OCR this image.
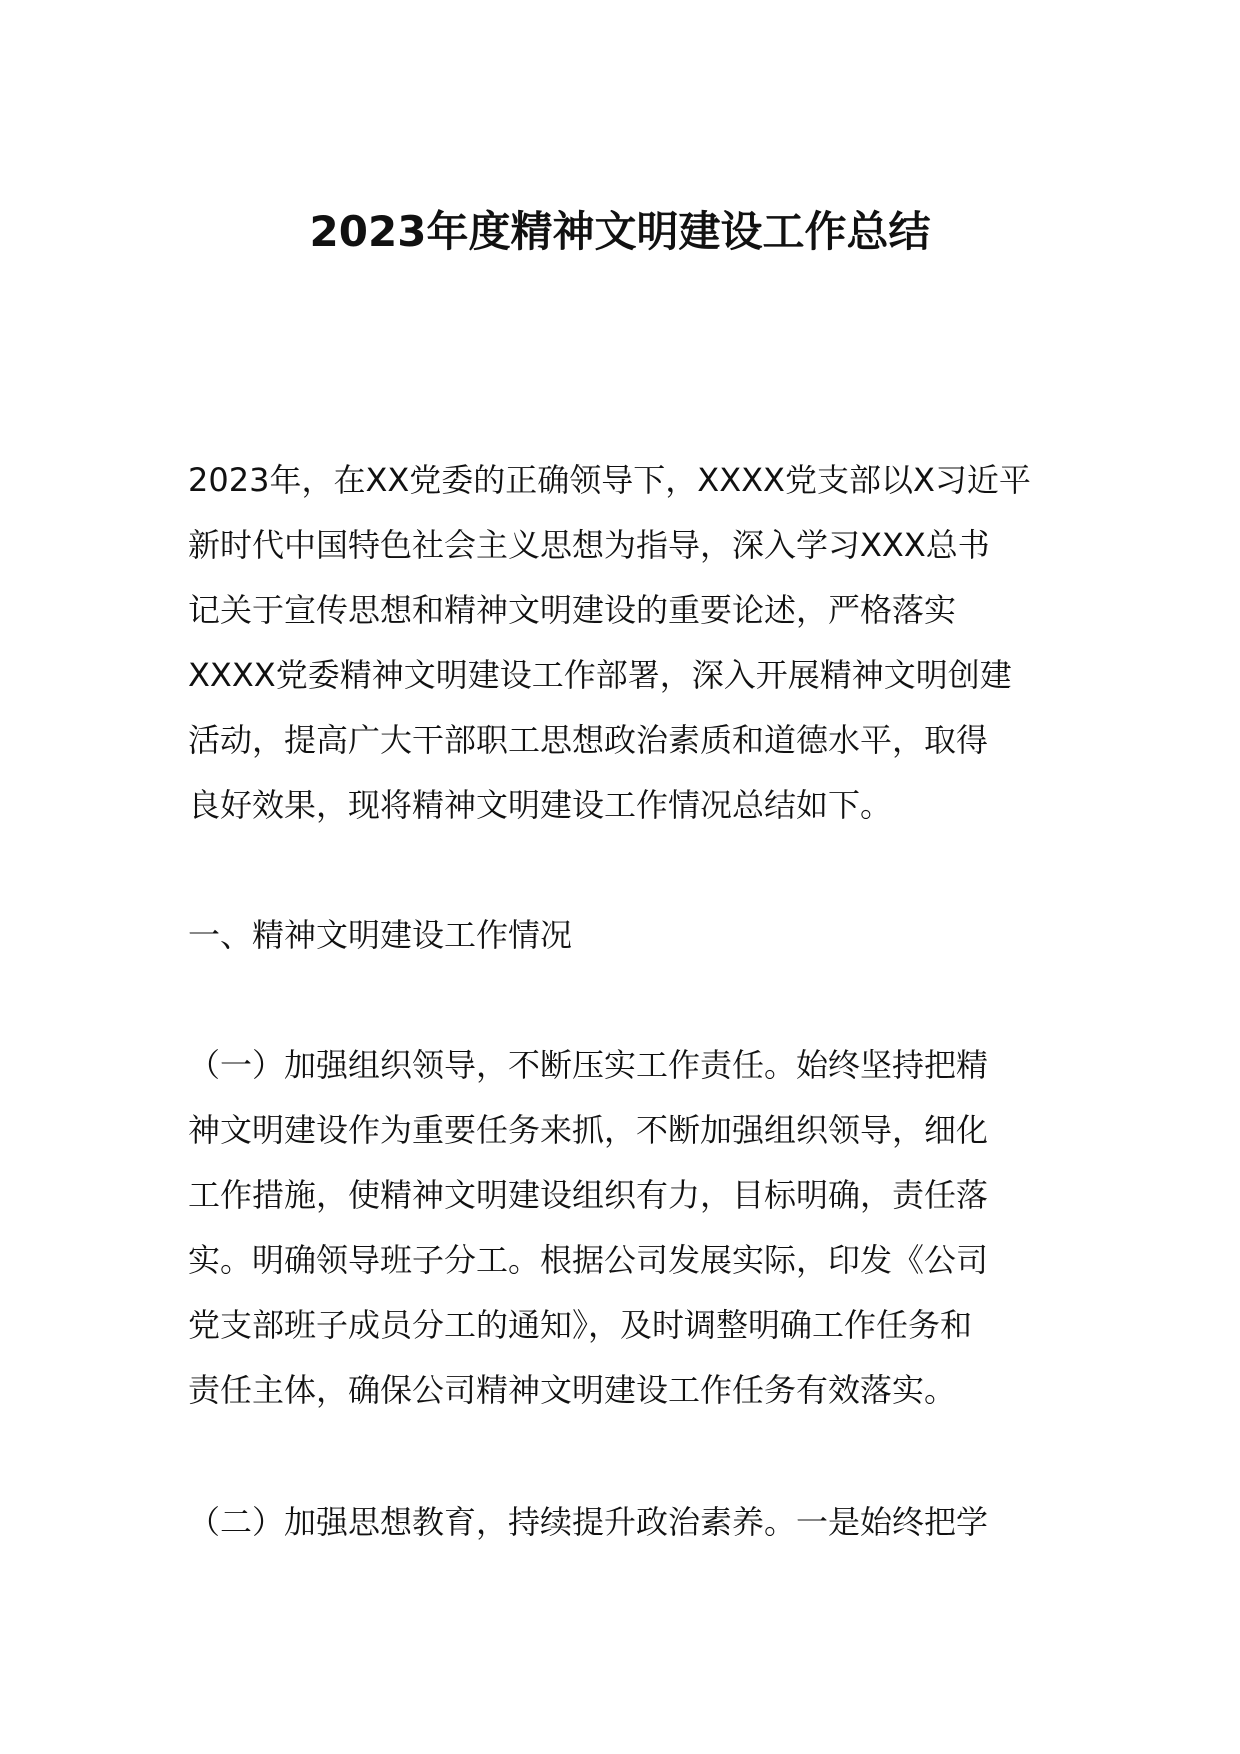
2023年度精神文明建设工作总结

2023年，在XX党委的正确领导下，XXXX党支部以X习近平

新时代中国特色社会主义思想为指导，深入学习XXX总书

记关于宣传思想和精神文明建设的重要论述，严格落实

XXXX党委精神文明建设工作部署，深入开展精神文明创建

活动，提高广大干部职工思想政治素质和道德水平，取得

良好效果，现将精神文明建设工作情况总结如下。

一、精神文明建设工作情况

（一）加强组织领导，不断压实工作责任。始终坚持把精

神文明建设作为重要任务来抓，不断加强组织领导，细化

工作措施，使精神文明建设组织有力，目标明确，责任落

实。明确领导班子分工。根据公司发展实际，印发《公司

党支部班子成员分工的通知》，及时调整明确工作任务和

责任主体，确保公司精神文明建设工作任务有效落实。

（二）加强思想教育，持续提升政治素养。一是始终把学
